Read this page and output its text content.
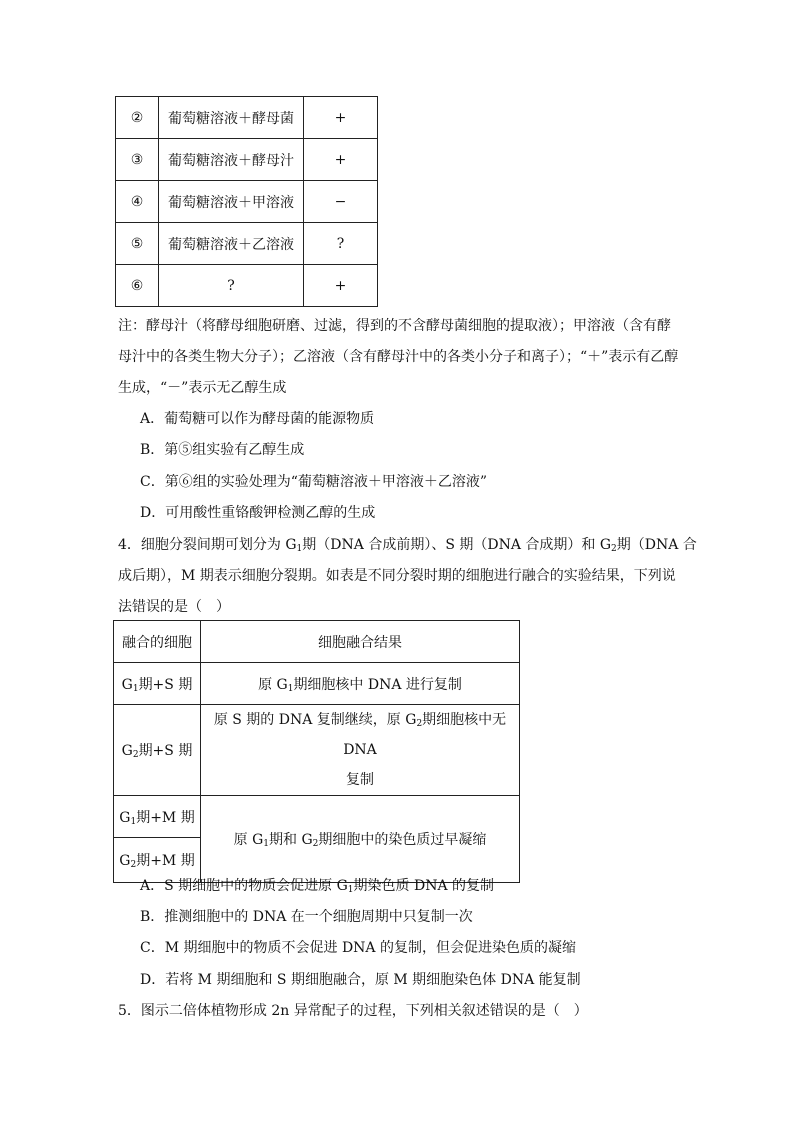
②	葡萄糖溶液＋酵母菌	+
③	葡萄糖溶液＋酵母汁	+
④	葡萄糖溶液＋甲溶液	−
⑤	葡萄糖溶液＋乙溶液	?
⑥	?	+
注：酵母汁（将酵母细胞研磨、过滤，得到的不含酵母菌细胞的提取液）；甲溶液（含有酵
母汁中的各类生物大分子）；乙溶液（含有酵母汁中的各类小分子和离子）；“＋”表示有乙醇
生成，“－”表示无乙醇生成
A．葡萄糖可以作为酵母菌的能源物质
B．第⑤组实验有乙醇生成
C．第⑥组的实验处理为“葡萄糖溶液＋甲溶液＋乙溶液”
D．可用酸性重铬酸钾检测乙醇的生成
4．细胞分裂间期可划分为 $G_1$期（DNA 合成前期）、S 期（DNA 合成期）和 $G_2$期（DNA 合
成后期），M 期表示细胞分裂期。如表是不同分裂时期的细胞进行融合的实验结果，下列说
法错误的是（　）
融合的细胞	细胞融合结果
$G_1$期+S 期	原 $G_1$期细胞核中 DNA 进行复制
$G_2$期+S 期	原 S 期的 DNA 复制继续，原 $G_2$期细胞核中无 DNA
复制
$G_1$期+M 期	原 $G_1$期和 $G_2$期细胞中的染色质过早凝缩
$G_2$期+M 期	
A．S 期细胞中的物质会促进原 $G_1$期染色质 DNA 的复制
B．推测细胞中的 DNA 在一个细胞周期中只复制一次
C．M 期细胞中的物质不会促进 DNA 的复制，但会促进染色质的凝缩
D．若将 M 期细胞和 S 期细胞融合，原 M 期细胞染色体 DNA 能复制
5．图示二倍体植物形成 2n 异常配子的过程，下列相关叙述错误的是（　）
